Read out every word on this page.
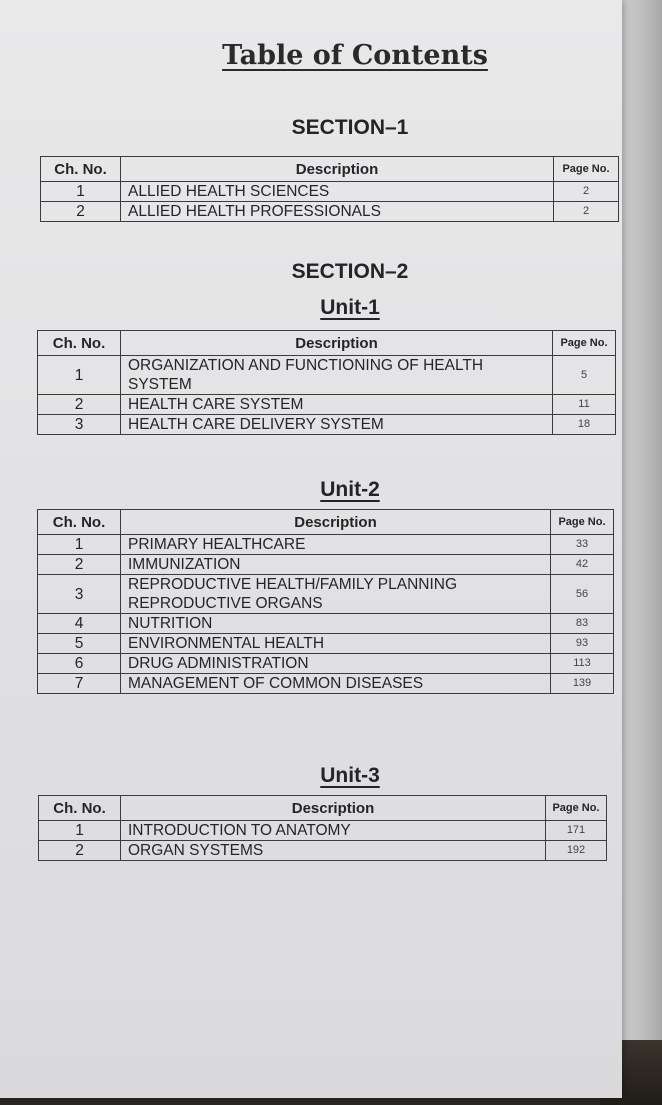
Table of Contents
SECTION–1
Ch. No.	Description	Page No.
1	ALLIED HEALTH SCIENCES	2
2	ALLIED HEALTH PROFESSIONALS	2
SECTION–2
Unit-1
Ch. No.	Description	Page No.
1	ORGANIZATION AND FUNCTIONING OF HEALTH SYSTEM	5
2	HEALTH CARE SYSTEM	11
3	HEALTH CARE DELIVERY SYSTEM	18
Unit-2
Ch. No.	Description	Page No.
1	PRIMARY HEALTHCARE	33
2	IMMUNIZATION	42
3	REPRODUCTIVE HEALTH/FAMILY PLANNING REPRODUCTIVE ORGANS	56
4	NUTRITION	83
5	ENVIRONMENTAL HEALTH	93
6	DRUG ADMINISTRATION	113
7	MANAGEMENT OF COMMON DISEASES	139
Unit-3
Ch. No.	Description	Page No.
1	INTRODUCTION TO ANATOMY	171
2	ORGAN SYSTEMS	192
